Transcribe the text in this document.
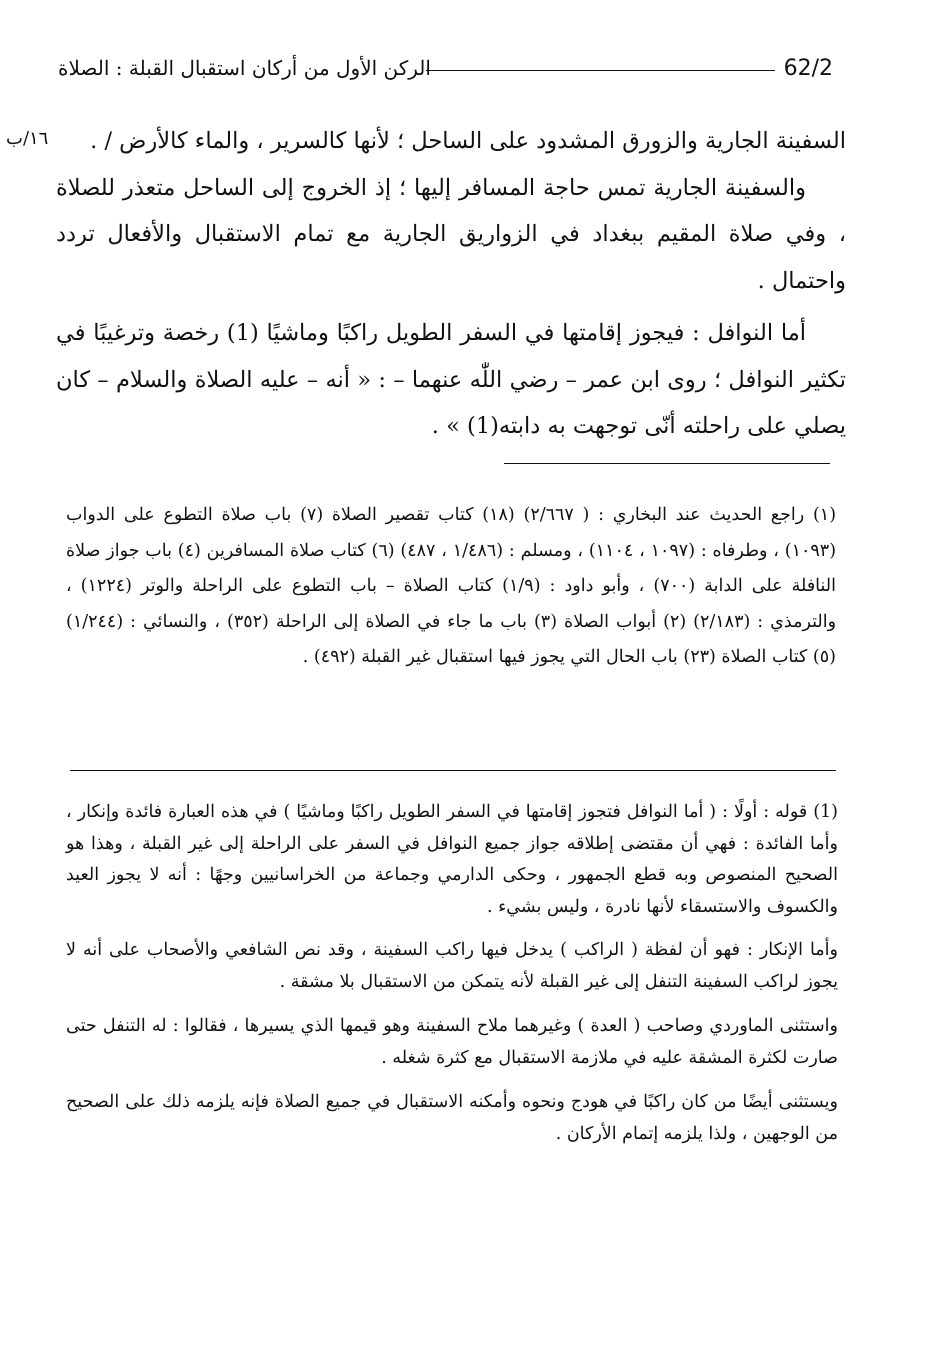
62/2
الركن الأول من أركان استقبال القبلة : الصلاة
١٦/ب	السفينة الجارية والزورق المشدود على الساحل ؛ لأنها كالسرير ، والماء كالأرض / .

والسفينة الجارية تمس حاجة المسافر إليها ؛ إذ الخروج إلى الساحل متعذر للصلاة ، وفي صلاة المقيم ببغداد في الزواريق الجارية مع تمام الاستقبال والأفعال تردد واحتمال .

أما النوافل : فيجوز إقامتها في السفر الطويل راكبًا وماشيًا (1) رخصة وترغيبًا في تكثير النوافل ؛ روى ابن عمر – رضي اللّٰه عنهما – : « أنه – عليه الصلاة والسلام – كان يصلي على راحلته أنّى توجهت به دابته(1) » .

(١) راجع الحديث عند البخاري : ( ٢/٦٦٧) (١٨) كتاب تقصير الصلاة (٧) باب صلاة التطوع على الدواب (١٠٩٣) ، وطرفاه : (١٠٩٧ ، ١١٠٤) ، ومسلم : (١/٤٨٦ ، ٤٨٧) (٦) كتاب صلاة المسافرين (٤) باب جواز صلاة النافلة على الدابة (٧٠٠) ، وأبو داود : (١/٩) كتاب الصلاة – باب التطوع على الراحلة والوتر (١٢٢٤) ، والترمذي : (٢/١٨٣) (٢) أبواب الصلاة (٣) باب ما جاء في الصلاة إلى الراحلة (٣٥٢) ، والنسائي : (١/٢٤٤) (٥) كتاب الصلاة (٢٣) باب الحال التي يجوز فيها استقبال غير القبلة (٤٩٢) .

(1) قوله : أولًا : ( أما النوافل فتجوز إقامتها في السفر الطويل راكبًا وماشيًا ) في هذه العبارة فائدة وإنكار ، وأما الفائدة : فهي أن مقتضى إطلاقه جواز جميع النوافل في السفر على الراحلة إلى غير القبلة ، وهذا هو الصحيح المنصوص وبه قطع الجمهور ، وحكى الدارمي وجماعة من الخراسانيين وجهًا : أنه لا يجوز العيد والكسوف والاستسقاء لأنها نادرة ، وليس بشيء .

وأما الإنكار : فهو أن لفظة ( الراكب ) يدخل فيها راكب السفينة ، وقد نص الشافعي والأصحاب على أنه لا يجوز لراكب السفينة التنفل إلى غير القبلة لأنه يتمكن من الاستقبال بلا مشقة .

واستثنى الماوردي وصاحب ( العدة ) وغيرهما ملاح السفينة وهو قيمها الذي يسيرها ، فقالوا : له التنفل حتى صارت لكثرة المشقة عليه في ملازمة الاستقبال مع كثرة شغله .

ويستثنى أيضًا من كان راكبًا في هودج ونحوه وأمكنه الاستقبال في جميع الصلاة فإنه يلزمه ذلك على الصحيح من الوجهين ، ولذا يلزمه إتمام الأركان .
